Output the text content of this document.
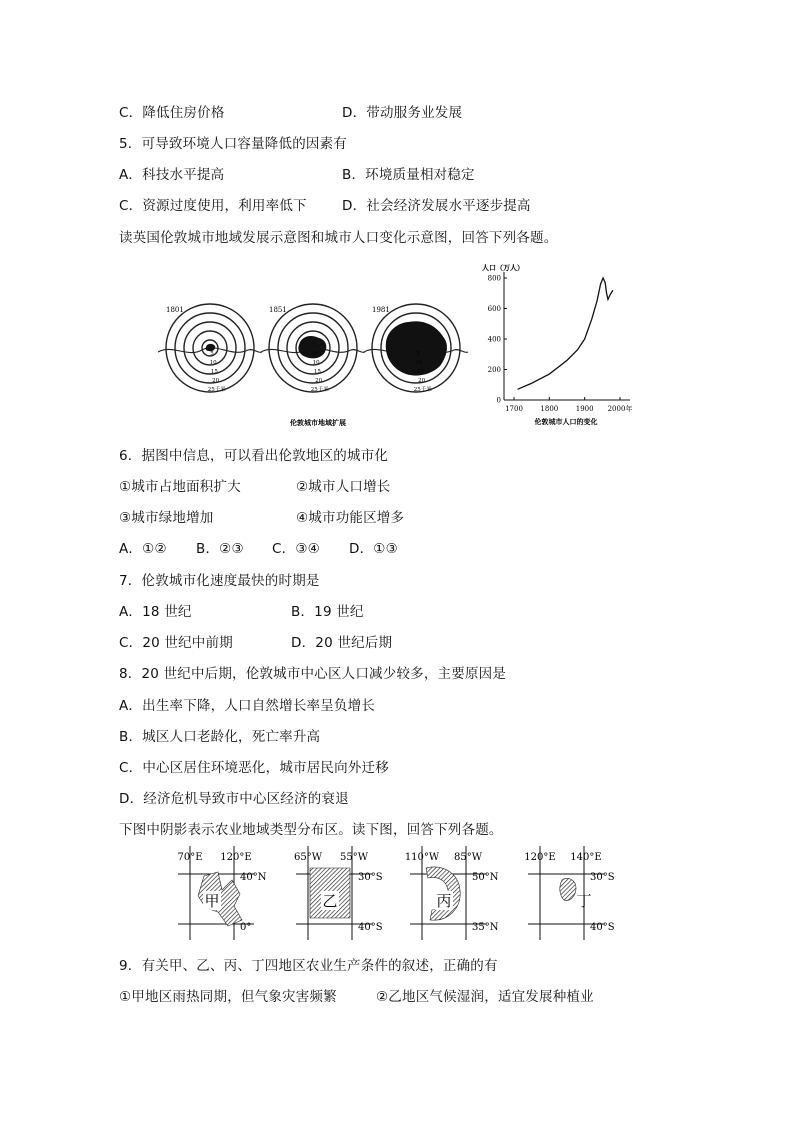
C．降低住房价格	D．带动服务业发展
5．可导致环境人口容量降低的因素有
A．科技水平提高	B．环境质量相对稳定
C．资源过度使用，利用率低下	D．社会经济发展水平逐步提高
读英国伦敦城市地域发展示意图和城市人口变化示意图，回答下列各题。
1801
5
10
15
20
25千米
1851
5
10
15
20
25千米
1981
5
10
15
20
25千米
伦敦城市地域扩展
人口（万人）
0
200
400
600
800
1700	1800	1900 2000年
伦敦城市人口的变化
6．据图中信息，可以看出伦敦地区的城市化
①城市占地面积扩大	②城市人口增长
③城市绿地增加	④城市功能区增多
A．①② B．②③ C．③④ D．①③
7．伦敦城市化速度最快的时期是
A．18 世纪	B．19 世纪
C．20 世纪中前期	D．20 世纪后期
8．20 世纪中后期，伦敦城市中心区人口减少较多，主要原因是
A．出生率下降，人口自然增长率呈负增长
B．城区人口老龄化，死亡率升高
C．中心区居住环境恶化，城市居民向外迁移
D．经济危机导致市中心区经济的衰退
下图中阴影表示农业地域类型分布区。读下图，回答下列各题。
70°E 120°E
40°N
0°
甲
65°W 55°W
30°S
40°S
乙
110°W 85°W
50°N
35°N
丙
120°E 140°E
30°S
40°S
丁
9．有关甲、乙、丙、丁四地区农业生产条件的叙述，正确的有
①甲地区雨热同期，但气象灾害频繁	②乙地区气候湿润，适宜发展种植业
